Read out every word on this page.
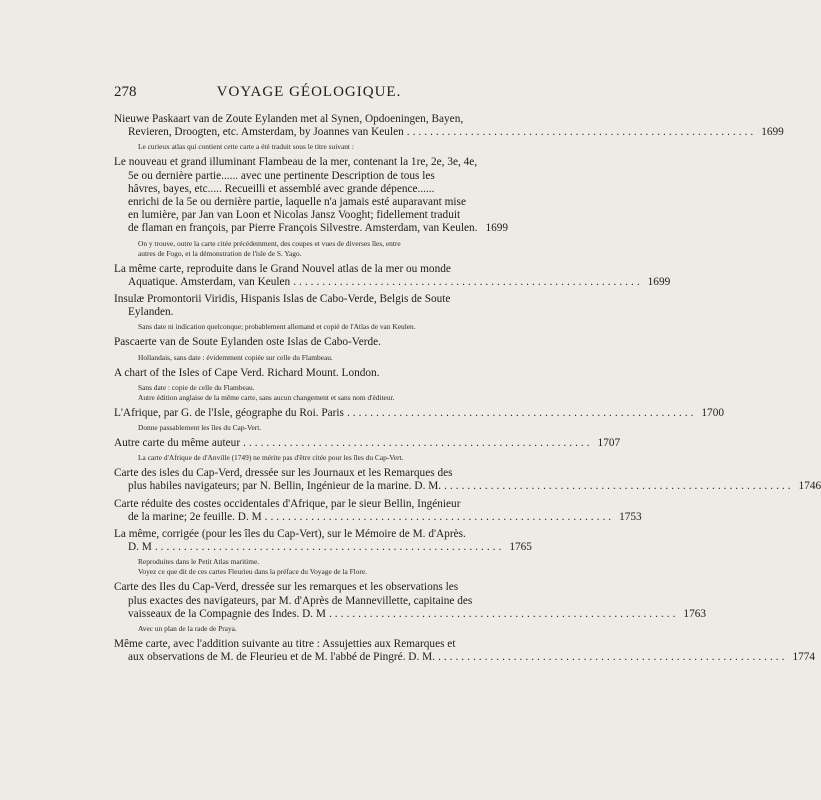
278	VOYAGE GÉOLOGIQUE.
Nieuwe Paskaart van de Zoute Eylanden met al Synen, Opdoeningen, Bayen,
Revieren, Droogten, etc. Amsterdam, by Joannes van Keulen ............................................................ 1699
Le curieux atlas qui contient cette carte a été traduit sous le titre suivant :
Le nouveau et grand illuminant Flambeau de la mer, contenant la 1re, 2e, 3e, 4e,
5e ou dernière partie...... avec une pertinente Description de tous les
hâvres, bayes, etc..... Recueilli et assemblé avec grande dépence......
enrichi de la 5e ou dernière partie, laquelle n'a jamais esté auparavant mise
en lumière, par Jan van Loon et Nicolas Jansz Vooght; fidellement traduit
de flaman en françois, par Pierre François Silvestre. Amsterdam, van Keulen. 1699
On y trouve, outre la carte citée précédemment, des coupes et vues de diverses îles, entre
autres de Fogo, et la démonstration de l'isle de S. Yago.
La même carte, reproduite dans le Grand Nouvel atlas de la mer ou monde
Aquatique. Amsterdam, van Keulen ............................................................ 1699
Insulæ Promontorii Viridis, Hispanis Islas de Cabo-Verde, Belgis de Soute
Eylanden.
Sans date ni indication quelconque; probablement allemand et copié de l'Atlas de van Keulen.
Pascaerte van de Soute Eylanden oste Islas de Cabo-Verde.
Hollandais, sans date : évidemment copiée sur celle du Flambeau.
A chart of the Isles of Cape Verd. Richard Mount. London.
Sans date : copie de celle du Flambeau.
Autre édition anglaise de la même carte, sans aucun changement et sans nom d'éditeur.
L'Afrique, par G. de l'Isle, géographe du Roi. Paris ............................................................ 1700
Donne passablement les îles du Cap-Vert.
Autre carte du même auteur ............................................................ 1707
La carte d'Afrique de d'Anville (1749) ne mérite pas d'être citée pour les îles du Cap-Vert.
Carte des isles du Cap-Verd, dressée sur les Journaux et les Remarques des
plus habiles navigateurs; par N. Bellin, Ingénieur de la marine. D. M. ............................................................ 1746
Carte réduite des costes occidentales d'Afrique, par le sieur Bellin, Ingénieur
de la marine; 2e feuille. D. M ............................................................ 1753
La même, corrigée (pour les îles du Cap-Vert), sur le Mémoire de M. d'Après.
D. M ............................................................ 1765
Reproduites dans le Petit Atlas maritime.
Voyez ce que dit de ces cartes Fleurieu dans la préface du Voyage de la Flore.
Carte des Iles du Cap-Verd, dressée sur les remarques et les observations les
plus exactes des navigateurs, par M. d'Après de Mannevillette, capitaine des
vaisseaux de la Compagnie des Indes. D. M ............................................................ 1763
Avec un plan de la rade de Praya.
Même carte, avec l'addition suivante au titre : Assujetties aux Remarques et
aux observations de M. de Fleurieu et de M. l'abbé de Pingré. D. M. ............................................................ 1774
